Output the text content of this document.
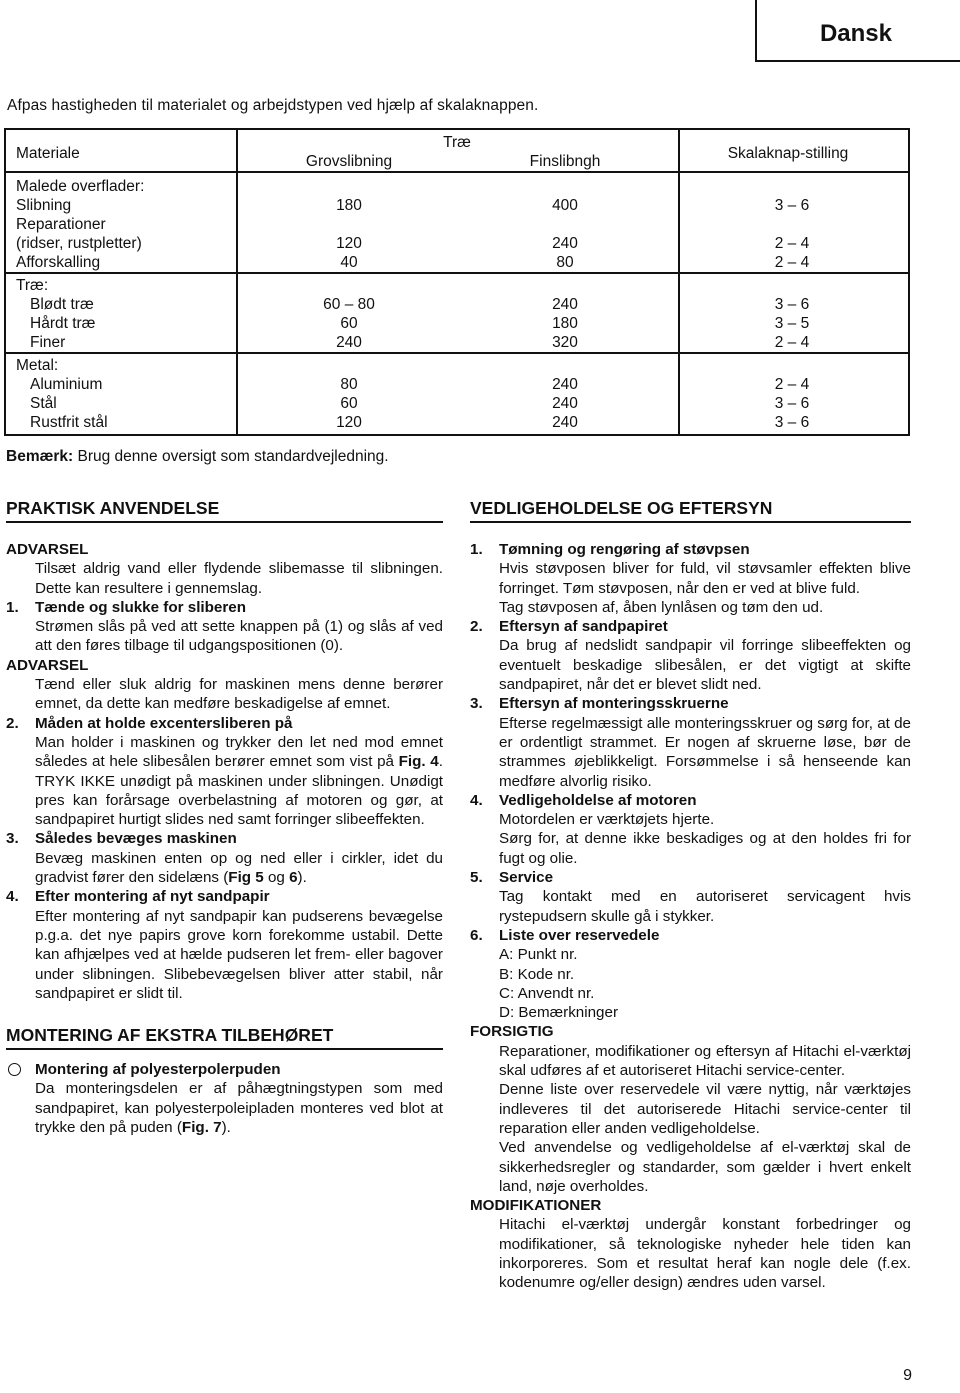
Dansk
Afpas hastigheden til materialet og arbejdstypen ved hjælp af skalaknappen.
Materiale
Træ
Grovslibning	Finslibngh	Skalaknap-stilling
Malede overflader:
Slibning	180	400	3 – 6
Reparationer
(ridser, rustpletter)	120	240	2 – 4
Afforskalling	40	80	2 – 4
Træ:
Blødt træ	60 – 80	240	3 – 6
Hårdt træ	60	180	3 – 5
Finer	240	320	2 – 4
Metal:
Aluminium	80	240	2 – 4
Stål	60	240	3 – 6
Rustfrit stål	120	240	3 – 6
Bemærk: Brug denne oversigt som standardvejledning.
PRAKTISK ANVENDELSE

ADVARSEL

Tilsæt aldrig vand eller flydende slibemasse til slibningen. Dette kan resultere i gennemslag.

1. Tænde og slukke for sliberen

Strømen slås på ved att sette knappen på (1) og slås af ved att den føres tilbage til udgangspositionen (0).

ADVARSEL

Tænd eller sluk aldrig for maskinen mens denne berører emnet, da dette kan medføre beskadigelse af emnet.

2. Måden at holde excentersliberen på

Man holder i maskinen og trykker den let ned mod emnet således at hele slibesålen berører emnet som vist på Fig. 4. TRYK IKKE unødigt på maskinen under slibningen. Unødigt pres kan forårsage overbelastning af motoren og gør, at sandpapiret hurtigt slides ned samt forringer slibeeffekten.

3. Således bevæges maskinen

Bevæg maskinen enten op og ned eller i cirkler, idet du gradvist fører den sidelæns (Fig 5 og 6).

4. Efter montering af nyt sandpapir

Efter montering af nyt sandpapir kan pudserens bevægelse p.g.a. det nye papirs grove korn forekomme ustabil. Dette kan afhjælpes ved at hælde pudseren let frem- eller bagover under slibningen. Slibebevægelsen bliver atter stabil, når sandpapiret er slidt til.

MONTERING AF EKSTRA TILBEHØRET

Montering af polyesterpolerpuden

Da monteringsdelen er af påhægtningstypen som med sandpapiret, kan polyesterpoleipladen monteres ved blot at trykke den på puden (Fig. 7).

VEDLIGEHOLDELSE OG EFTERSYN
1. Tømning og rengøring af støvpsen

Hvis støvposen bliver for fuld, vil støvsamler effekten blive forringet. Tøm støvposen, når den er ved at blive fuld.

Tag støvposen af, åben lynlåsen og tøm den ud.

2. Eftersyn af sandpapiret

Da brug af nedslidt sandpapir vil forringe slibeeffekten og eventuelt beskadige slibesålen, er det vigtigt at skifte sandpapiret, når det er blevet slidt ned.

3. Eftersyn af monteringsskruerne

Efterse regelmæssigt alle monteringsskruer og sørg for, at de er ordentligt strammet. Er nogen af skruerne løse, bør de strammes øjeblikkeligt. Forsømmelse i så henseende kan medføre alvorlig risiko.

4. Vedligeholdelse af motoren

Motordelen er værktøjets hjerte.

Sørg for, at denne ikke beskadiges og at den holdes fri for fugt og olie.

5. Service

Tag kontakt med en autoriseret servicagent hvis rystepudsern skulle gå i stykker.

6. Liste over reservedele

A: Punkt nr.

B: Kode nr.

C: Anvendt nr.

D: Bemærkninger

FORSIGTIG

Reparationer, modifikationer og eftersyn af Hitachi el-værktøj skal udføres af et autoriseret Hitachi service-center.

Denne liste over reservedele vil være nyttig, når værktøjes indleveres til det autoriserede Hitachi service-center til reparation eller anden vedligeholdelse.

Ved anvendelse og vedligeholdelse af el-værktøj skal de sikkerhedsregler og standarder, som gælder i hvert enkelt land, nøje overholdes.

MODIFIKATIONER

Hitachi el-værktøj undergår konstant forbedringer og modifikationer, så teknologiske nyheder hele tiden kan inkorporeres. Som et resultat heraf kan nogle dele (f.ex. kodenumre og/eller design) ændres uden varsel.

9
